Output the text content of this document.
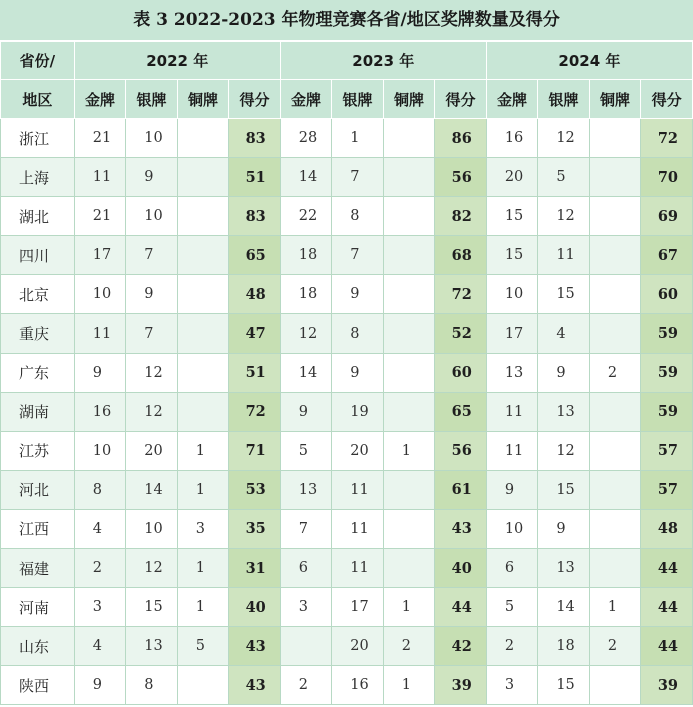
表 3 2022-2023 年物理竞赛各省/地区奖牌数量及得分
省份/	2022 年				2023 年				2024 年			
地区	金牌	银牌	铜牌	得分	金牌	银牌	铜牌	得分	金牌	银牌	铜牌	得分
浙江	21	10		83	28	1		86	16	12		72
上海	11	9		51	14	7		56	20	5		70
湖北	21	10		83	22	8		82	15	12		69
四川	17	7		65	18	7		68	15	11		67
北京	10	9		48	18	9		72	10	15		60
重庆	11	7		47	12	8		52	17	4		59
广东	9	12		51	14	9		60	13	9	2	59
湖南	16	12		72	9	19		65	11	13		59
江苏	10	20	1	71	5	20	1	56	11	12		57
河北	8	14	1	53	13	11		61	9	15		57
江西	4	10	3	35	7	11		43	10	9		48
福建	2	12	1	31	6	11		40	6	13		44
河南	3	15	1	40	3	17	1	44	5	14	1	44
山东	4	13	5	43		20	2	42	2	18	2	44
陕西	9	8		43	2	16	1	39	3	15		39
